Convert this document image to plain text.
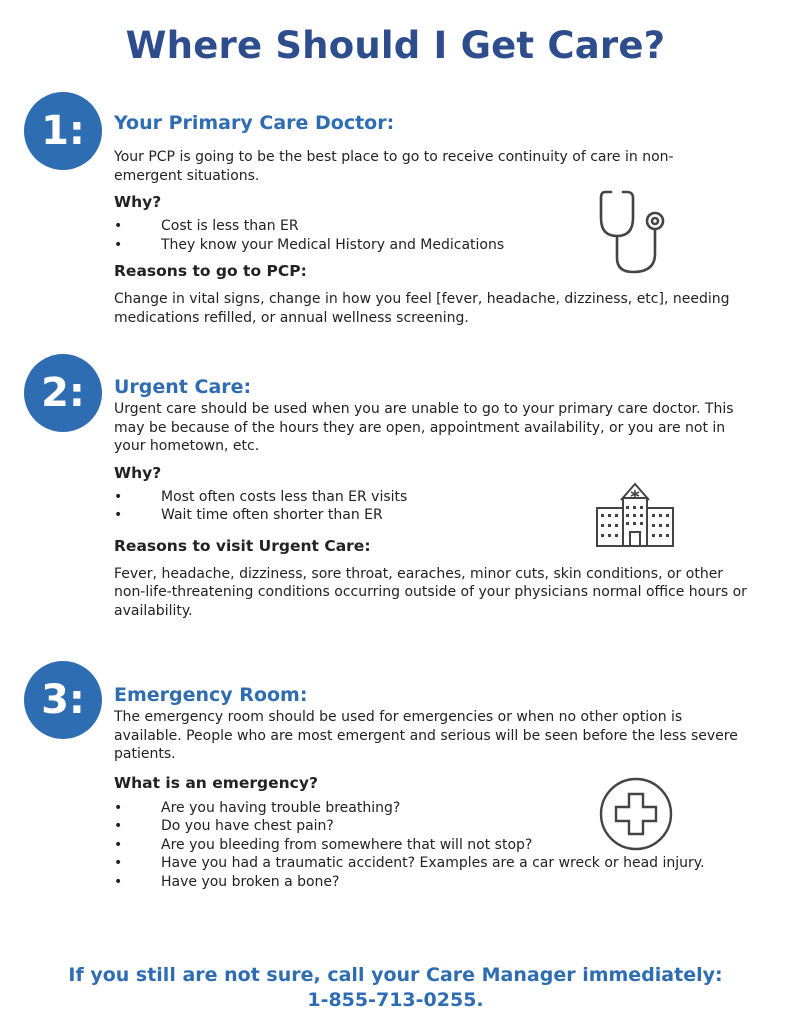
Where Should I Get Care?
1:	Your Primary Care Doctor:

Your PCP is going to be the best place to go to receive continuity of care in non-emergent situations.

Why?

• Cost is less than ER
• They know your Medical History and Medications

Reasons to go to PCP:

Change in vital signs, change in how you feel [fever, headache, dizziness, etc], needing medications refilled, or annual wellness screening.

2:	Urgent Care:

Urgent care should be used when you are unable to go to your primary care doctor. This may be because of the hours they are open, appointment availability, or you are not in your hometown, etc.

Why?

• Most often costs less than ER visits
• Wait time often shorter than ER

Reasons to visit Urgent Care:

Fever, headache, dizziness, sore throat, earaches, minor cuts, skin conditions, or other non-life-threatening conditions occurring outside of your physicians normal office hours or availability.

3:	Emergency Room:

The emergency room should be used for emergencies or when no other option is available. People who are most emergent and serious will be seen before the less severe patients.

What is an emergency?

• Are you having trouble breathing?
• Do you have chest pain?
• Are you bleeding from somewhere that will not stop?
• Have you had a traumatic accident? Examples are a car wreck or head injury.
• Have you broken a bone?
If you still are not sure, call your Care Manager immediately:
1-855-713-0255.
